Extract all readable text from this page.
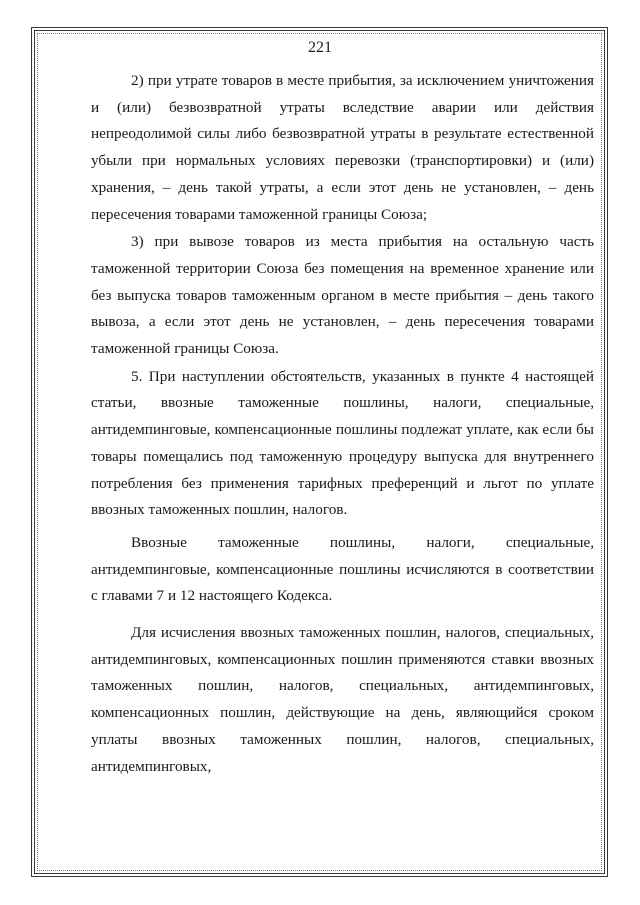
221

2) при утрате товаров в месте прибытия, за исключением уничтожения и (или) безвозвратной утраты вследствие аварии или действия непреодолимой силы либо безвозвратной утраты в результате естественной убыли при нормальных условиях перевозки (транспортировки) и (или) хранения, – день такой утраты, а если этот день не установлен, – день пересечения товарами таможенной границы Союза;

3) при вывозе товаров из места прибытия на остальную часть таможенной территории Союза без помещения на временное хранение или без выпуска товаров таможенным органом в месте прибытия – день такого вывоза, а если этот день не установлен, – день пересечения товарами таможенной границы Союза.

5. При наступлении обстоятельств, указанных в пункте 4 настоящей статьи, ввозные таможенные пошлины, налоги, специальные, антидемпинговые, компенсационные пошлины подлежат уплате, как если бы товары помещались под таможенную процедуру выпуска для внутреннего потребления без применения тарифных преференций и льгот по уплате ввозных таможенных пошлин, налогов.

Ввозные таможенные пошлины, налоги, специальные, антидемпинговые, компенсационные пошлины исчисляются в соответствии с главами 7 и 12 настоящего Кодекса.

Для исчисления ввозных таможенных пошлин, налогов, специальных, антидемпинговых, компенсационных пошлин применяются ставки ввозных таможенных пошлин, налогов, специальных, антидемпинговых, компенсационных пошлин, действующие на день, являющийся сроком уплаты ввозных таможенных пошлин, налогов, специальных, антидемпинговых,
